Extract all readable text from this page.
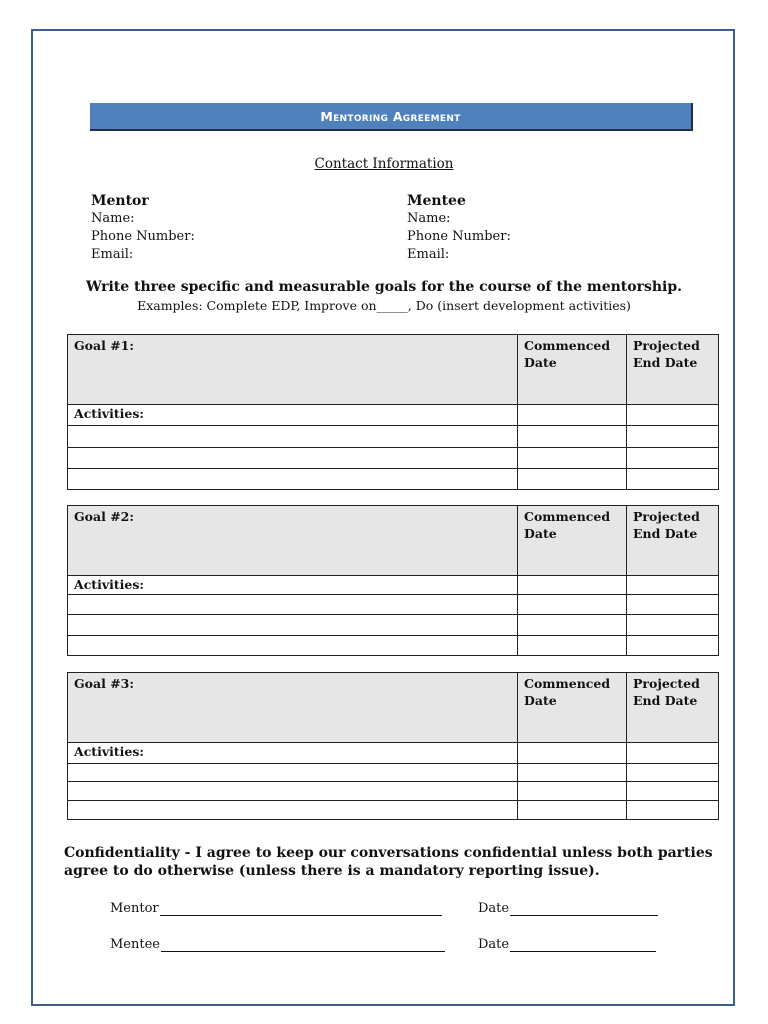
Mentoring Agreement
Contact Information
Mentor
Name:
Phone Number:
Email:
Mentee
Name:
Phone Number:
Email:
Write three specific and measurable goals for the course of the mentorship.
Examples: Complete EDP, Improve on_____, Do (insert development activities)
Goal #1:	Commenced Date	Projected End Date
Activities:		

Goal #2:	Commenced Date	Projected End Date
Activities:		

Goal #3:	Commenced Date	Projected End Date
Activities:		

Confidentiality - I agree to keep our conversations confidential unless both parties agree to do otherwise (unless there is a mandatory reporting issue).
Mentor	Date
Mentee	Date
